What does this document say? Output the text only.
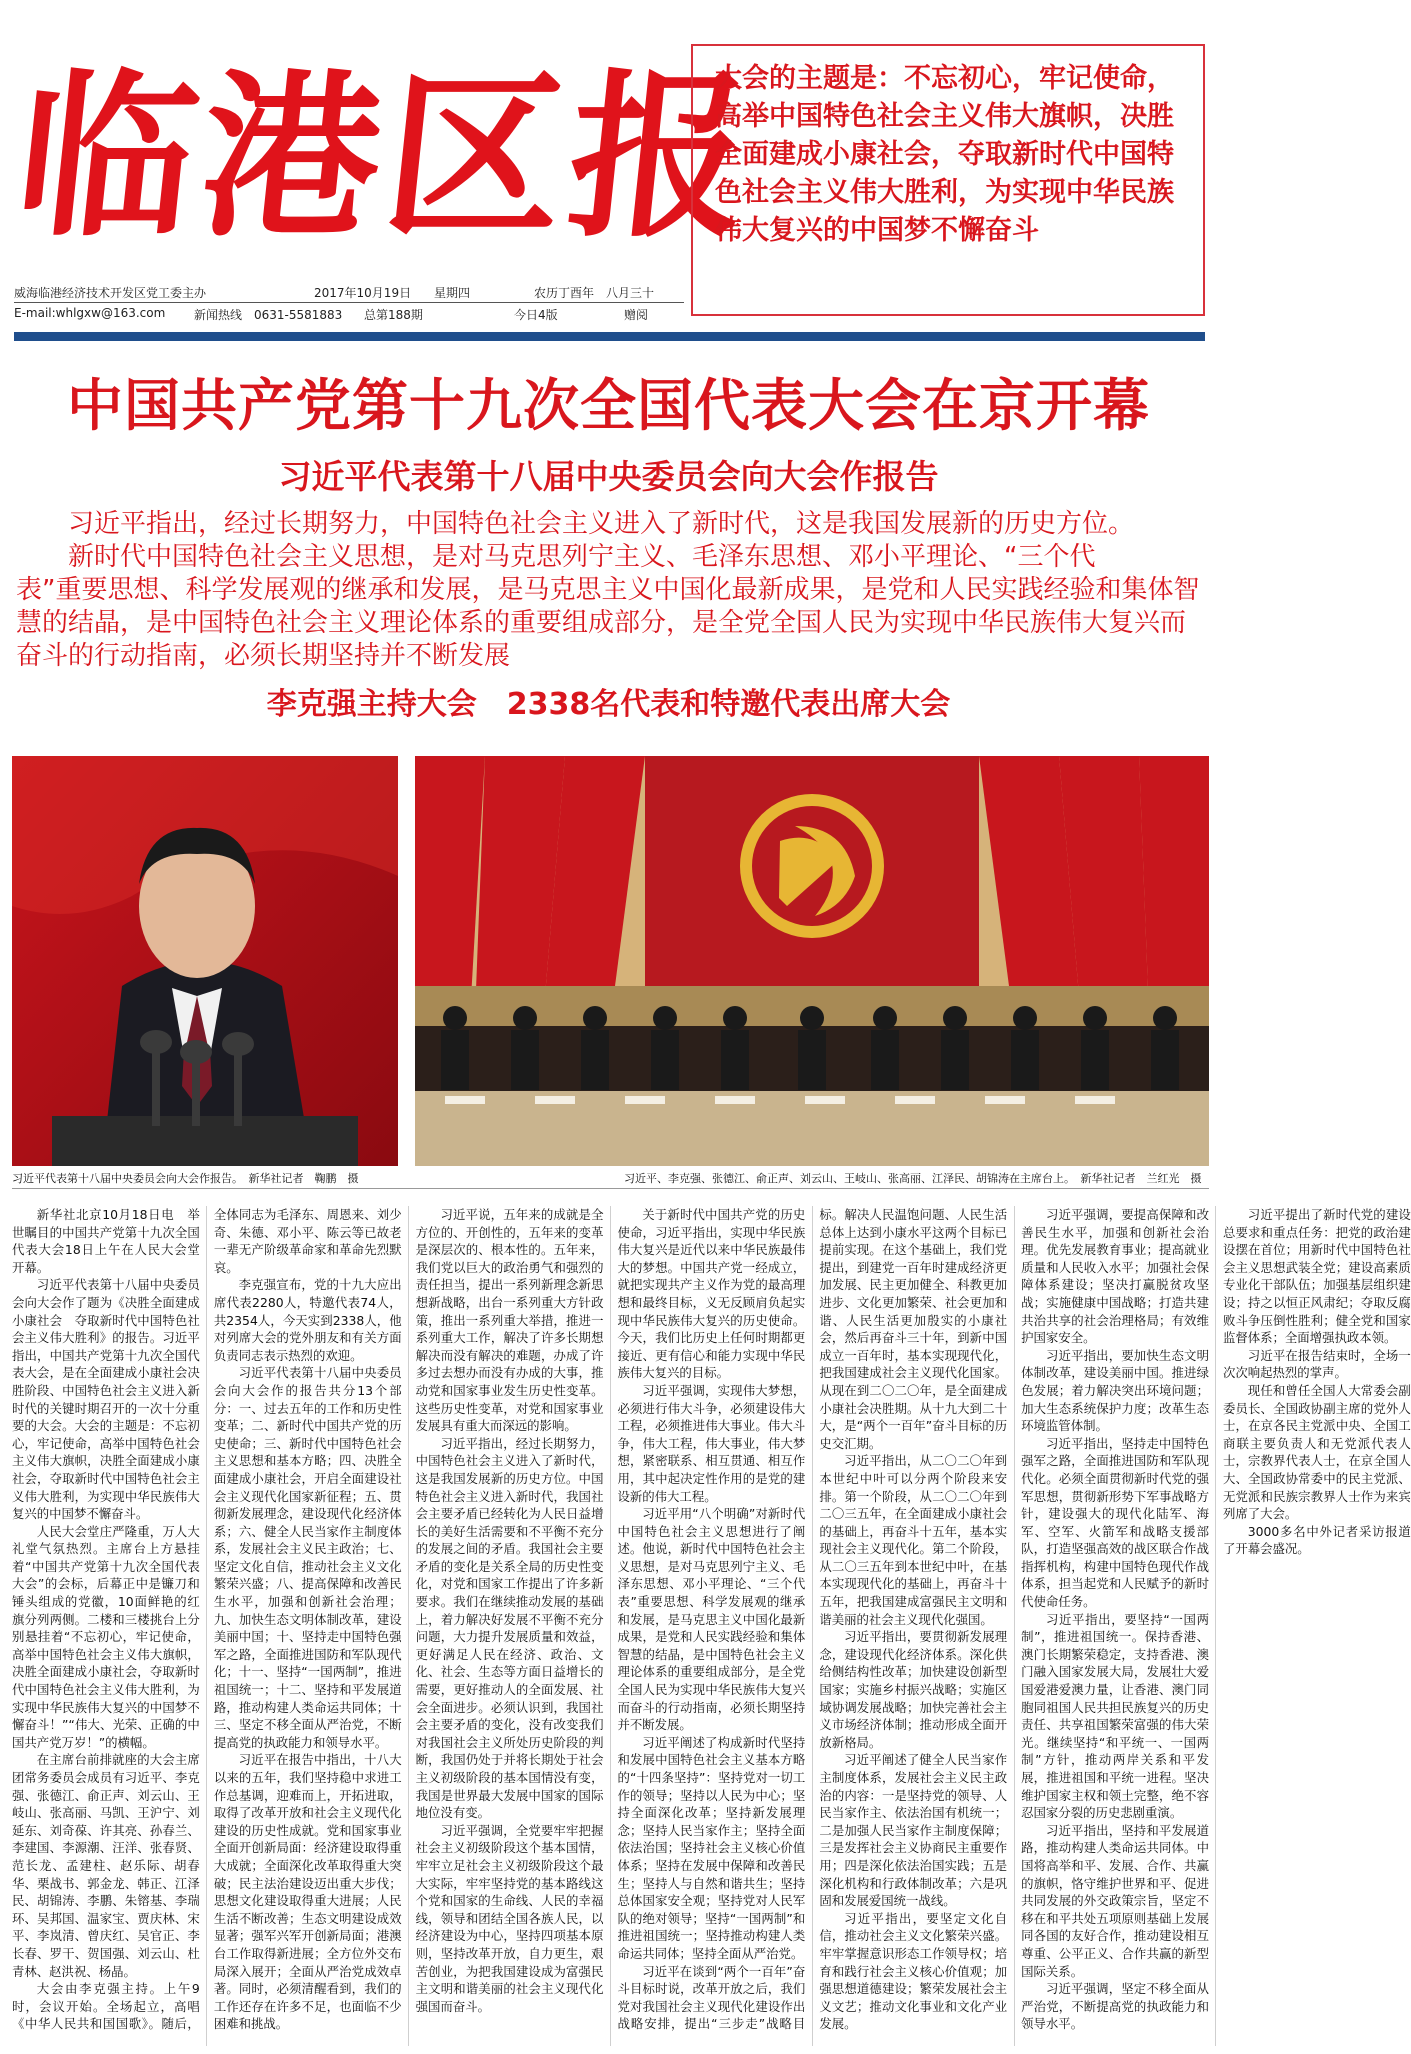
临港区报

大会的主题是：不忘初心，牢记使命，高举中国特色社会主义伟大旗帜，决胜全面建成小康社会，夺取新时代中国特色社会主义伟大胜利，为实现中华民族伟大复兴的中国梦不懈奋斗

威海临港经济技术开发区党工委主办	2017年10月19日 星期四	农历丁酉年　八月三十
E-mail:whlgxw@163.com 新闻热线　0631-5581883 总第188期	今日4版	赠阅
中国共产党第十九次全国代表大会在京开幕
习近平代表第十八届中央委员会向大会作报告

习近平指出，经过长期努力，中国特色社会主义进入了新时代，这是我国发展新的历史方位。

新时代中国特色社会主义思想，是对马克思列宁主义、毛泽东思想、邓小平理论、“三个代

表”重要思想、科学发展观的继承和发展，是马克思主义中国化最新成果，是党和人民实践经验和集体智慧的结晶，是中国特色社会主义理论体系的重要组成部分，是全党全国人民为实现中华民族伟大复兴而奋斗的行动指南，必须长期坚持并不断发展

李克强主持大会　2338名代表和特邀代表出席大会
习近平代表第十八届中央委员会向大会作报告。　新华社记者　鞠鹏　摄	习近平、李克强、张德江、俞正声、刘云山、王岐山、张高丽、江泽民、胡锦涛在主席台上。　新华社记者　兰红光　摄

新华社北京10月18日电　举世瞩目的中国共产党第十九次全国代表大会18日上午在人民大会堂开幕。

习近平代表第十八届中央委员会向大会作了题为《决胜全面建成小康社会　夺取新时代中国特色社会主义伟大胜利》的报告。习近平指出，中国共产党第十九次全国代表大会，是在全面建成小康社会决胜阶段、中国特色社会主义进入新时代的关键时期召开的一次十分重要的大会。大会的主题是：不忘初心，牢记使命，高举中国特色社会主义伟大旗帜，决胜全面建成小康社会，夺取新时代中国特色社会主义伟大胜利，为实现中华民族伟大复兴的中国梦不懈奋斗。

人民大会堂庄严隆重，万人大礼堂气氛热烈。主席台上方悬挂着“中国共产党第十九次全国代表大会”的会标，后幕正中是镰刀和锤头组成的党徽，10面鲜艳的红旗分列两侧。二楼和三楼挑台上分别悬挂着“不忘初心，牢记使命，高举中国特色社会主义伟大旗帜，决胜全面建成小康社会，夺取新时代中国特色社会主义伟大胜利，为实现中华民族伟大复兴的中国梦不懈奋斗！”“伟大、光荣、正确的中国共产党万岁！”的横幅。

在主席台前排就座的大会主席团常务委员会成员有习近平、李克强、张德江、俞正声、刘云山、王岐山、张高丽、马凯、王沪宁、刘延东、刘奇葆、许其亮、孙春兰、李建国、李源潮、汪洋、张春贤、范长龙、孟建柱、赵乐际、胡春华、栗战书、郭金龙、韩正、江泽民、胡锦涛、李鹏、朱镕基、李瑞环、吴邦国、温家宝、贾庆林、宋平、李岚清、曾庆红、吴官正、李长春、罗干、贺国强、刘云山、杜青林、赵洪祝、杨晶。

大会由李克强主持。上午9时，会议开始。全场起立，高唱《中华人民共和国国歌》。随后，全体同志为毛泽东、周恩来、刘少奇、朱德、邓小平、陈云等已故老一辈无产阶级革命家和革命先烈默哀。

李克强宣布，党的十九大应出席代表2280人，特邀代表74人，共2354人，今天实到2338人，他对列席大会的党外朋友和有关方面负责同志表示热烈的欢迎。

习近平代表第十八届中央委员会向大会作的报告共分13个部分：一、过去五年的工作和历史性变革；二、新时代中国共产党的历史使命；三、新时代中国特色社会主义思想和基本方略；四、决胜全面建成小康社会，开启全面建设社会主义现代化国家新征程；五、贯彻新发展理念，建设现代化经济体系；六、健全人民当家作主制度体系，发展社会主义民主政治；七、坚定文化自信，推动社会主义文化繁荣兴盛；八、提高保障和改善民生水平，加强和创新社会治理；九、加快生态文明体制改革，建设美丽中国；十、坚持走中国特色强军之路，全面推进国防和军队现代化；十一、坚持“一国两制”，推进祖国统一；十二、坚持和平发展道路，推动构建人类命运共同体；十三、坚定不移全面从严治党，不断提高党的执政能力和领导水平。

习近平在报告中指出，十八大以来的五年，我们坚持稳中求进工作总基调，迎难而上，开拓进取，取得了改革开放和社会主义现代化建设的历史性成就。党和国家事业全面开创新局面：经济建设取得重大成就；全面深化改革取得重大突破；民主法治建设迈出重大步伐；思想文化建设取得重大进展；人民生活不断改善；生态文明建设成效显著；强军兴军开创新局面；港澳台工作取得新进展；全方位外交布局深入展开；全面从严治党成效卓著。同时，必须清醒看到，我们的工作还存在许多不足，也面临不少困难和挑战。

习近平说，五年来的成就是全方位的、开创性的，五年来的变革是深层次的、根本性的。五年来，我们党以巨大的政治勇气和强烈的责任担当，提出一系列新理念新思想新战略，出台一系列重大方针政策，推出一系列重大举措，推进一系列重大工作，解决了许多长期想解决而没有解决的难题，办成了许多过去想办而没有办成的大事，推动党和国家事业发生历史性变革。这些历史性变革，对党和国家事业发展具有重大而深远的影响。

习近平指出，经过长期努力，中国特色社会主义进入了新时代，这是我国发展新的历史方位。中国特色社会主义进入新时代，我国社会主要矛盾已经转化为人民日益增长的美好生活需要和不平衡不充分的发展之间的矛盾。我国社会主要矛盾的变化是关系全局的历史性变化，对党和国家工作提出了许多新要求。我们在继续推动发展的基础上，着力解决好发展不平衡不充分问题，大力提升发展质量和效益，更好满足人民在经济、政治、文化、社会、生态等方面日益增长的需要，更好推动人的全面发展、社会全面进步。必须认识到，我国社会主要矛盾的变化，没有改变我们对我国社会主义所处历史阶段的判断，我国仍处于并将长期处于社会主义初级阶段的基本国情没有变，我国是世界最大发展中国家的国际地位没有变。

习近平强调，全党要牢牢把握社会主义初级阶段这个基本国情，牢牢立足社会主义初级阶段这个最大实际，牢牢坚持党的基本路线这个党和国家的生命线、人民的幸福线，领导和团结全国各族人民，以经济建设为中心，坚持四项基本原则，坚持改革开放，自力更生，艰苦创业，为把我国建设成为富强民主文明和谐美丽的社会主义现代化强国而奋斗。

关于新时代中国共产党的历史使命，习近平指出，实现中华民族伟大复兴是近代以来中华民族最伟大的梦想。中国共产党一经成立，就把实现共产主义作为党的最高理想和最终目标，义无反顾肩负起实现中华民族伟大复兴的历史使命。今天，我们比历史上任何时期都更接近、更有信心和能力实现中华民族伟大复兴的目标。

习近平强调，实现伟大梦想，必须进行伟大斗争，必须建设伟大工程，必须推进伟大事业。伟大斗争，伟大工程，伟大事业，伟大梦想，紧密联系、相互贯通、相互作用，其中起决定性作用的是党的建设新的伟大工程。

习近平用“八个明确”对新时代中国特色社会主义思想进行了阐述。他说，新时代中国特色社会主义思想，是对马克思列宁主义、毛泽东思想、邓小平理论、“三个代表”重要思想、科学发展观的继承和发展，是马克思主义中国化最新成果，是党和人民实践经验和集体智慧的结晶，是中国特色社会主义理论体系的重要组成部分，是全党全国人民为实现中华民族伟大复兴而奋斗的行动指南，必须长期坚持并不断发展。

习近平阐述了构成新时代坚持和发展中国特色社会主义基本方略的“十四条坚持”：坚持党对一切工作的领导；坚持以人民为中心；坚持全面深化改革；坚持新发展理念；坚持人民当家作主；坚持全面依法治国；坚持社会主义核心价值体系；坚持在发展中保障和改善民生；坚持人与自然和谐共生；坚持总体国家安全观；坚持党对人民军队的绝对领导；坚持“一国两制”和推进祖国统一；坚持推动构建人类命运共同体；坚持全面从严治党。

习近平在谈到“两个一百年”奋斗目标时说，改革开放之后，我们党对我国社会主义现代化建设作出战略安排，提出“三步走”战略目标。解决人民温饱问题、人民生活总体上达到小康水平这两个目标已提前实现。在这个基础上，我们党提出，到建党一百年时建成经济更加发展、民主更加健全、科教更加进步、文化更加繁荣、社会更加和谐、人民生活更加殷实的小康社会，然后再奋斗三十年，到新中国成立一百年时，基本实现现代化，把我国建成社会主义现代化国家。从现在到二〇二〇年，是全面建成小康社会决胜期。从十九大到二十大，是“两个一百年”奋斗目标的历史交汇期。

习近平指出，从二〇二〇年到本世纪中叶可以分两个阶段来安排。第一个阶段，从二〇二〇年到二〇三五年，在全面建成小康社会的基础上，再奋斗十五年，基本实现社会主义现代化。第二个阶段，从二〇三五年到本世纪中叶，在基本实现现代化的基础上，再奋斗十五年，把我国建成富强民主文明和谐美丽的社会主义现代化强国。

习近平指出，要贯彻新发展理念，建设现代化经济体系。深化供给侧结构性改革；加快建设创新型国家；实施乡村振兴战略；实施区域协调发展战略；加快完善社会主义市场经济体制；推动形成全面开放新格局。

习近平阐述了健全人民当家作主制度体系，发展社会主义民主政治的内容：一是坚持党的领导、人民当家作主、依法治国有机统一；二是加强人民当家作主制度保障；三是发挥社会主义协商民主重要作用；四是深化依法治国实践；五是深化机构和行政体制改革；六是巩固和发展爱国统一战线。

习近平指出，要坚定文化自信，推动社会主义文化繁荣兴盛。牢牢掌握意识形态工作领导权；培育和践行社会主义核心价值观；加强思想道德建设；繁荣发展社会主义文艺；推动文化事业和文化产业发展。

习近平强调，要提高保障和改善民生水平，加强和创新社会治理。优先发展教育事业；提高就业质量和人民收入水平；加强社会保障体系建设；坚决打赢脱贫攻坚战；实施健康中国战略；打造共建共治共享的社会治理格局；有效维护国家安全。

习近平指出，要加快生态文明体制改革，建设美丽中国。推进绿色发展；着力解决突出环境问题；加大生态系统保护力度；改革生态环境监管体制。

习近平指出，坚持走中国特色强军之路，全面推进国防和军队现代化。必须全面贯彻新时代党的强军思想，贯彻新形势下军事战略方针，建设强大的现代化陆军、海军、空军、火箭军和战略支援部队，打造坚强高效的战区联合作战指挥机构，构建中国特色现代作战体系，担当起党和人民赋予的新时代使命任务。

习近平指出，要坚持“一国两制”，推进祖国统一。保持香港、澳门长期繁荣稳定，支持香港、澳门融入国家发展大局，发展壮大爱国爱港爱澳力量，让香港、澳门同胞同祖国人民共担民族复兴的历史责任、共享祖国繁荣富强的伟大荣光。继续坚持“和平统一、一国两制”方针，推动两岸关系和平发展，推进祖国和平统一进程。坚决维护国家主权和领土完整，绝不容忍国家分裂的历史悲剧重演。

习近平指出，坚持和平发展道路，推动构建人类命运共同体。中国将高举和平、发展、合作、共赢的旗帜，恪守维护世界和平、促进共同发展的外交政策宗旨，坚定不移在和平共处五项原则基础上发展同各国的友好合作，推动建设相互尊重、公平正义、合作共赢的新型国际关系。

习近平强调，坚定不移全面从严治党，不断提高党的执政能力和领导水平。

习近平提出了新时代党的建设总要求和重点任务：把党的政治建设摆在首位；用新时代中国特色社会主义思想武装全党；建设高素质专业化干部队伍；加强基层组织建设；持之以恒正风肃纪；夺取反腐败斗争压倒性胜利；健全党和国家监督体系；全面增强执政本领。

习近平在报告结束时，全场一次次响起热烈的掌声。

现任和曾任全国人大常委会副委员长、全国政协副主席的党外人士，在京各民主党派中央、全国工商联主要负责人和无党派代表人士，宗教界代表人士，在京全国人大、全国政协常委中的民主党派、无党派和民族宗教界人士作为来宾列席了大会。

3000多名中外记者采访报道了开幕会盛况。
